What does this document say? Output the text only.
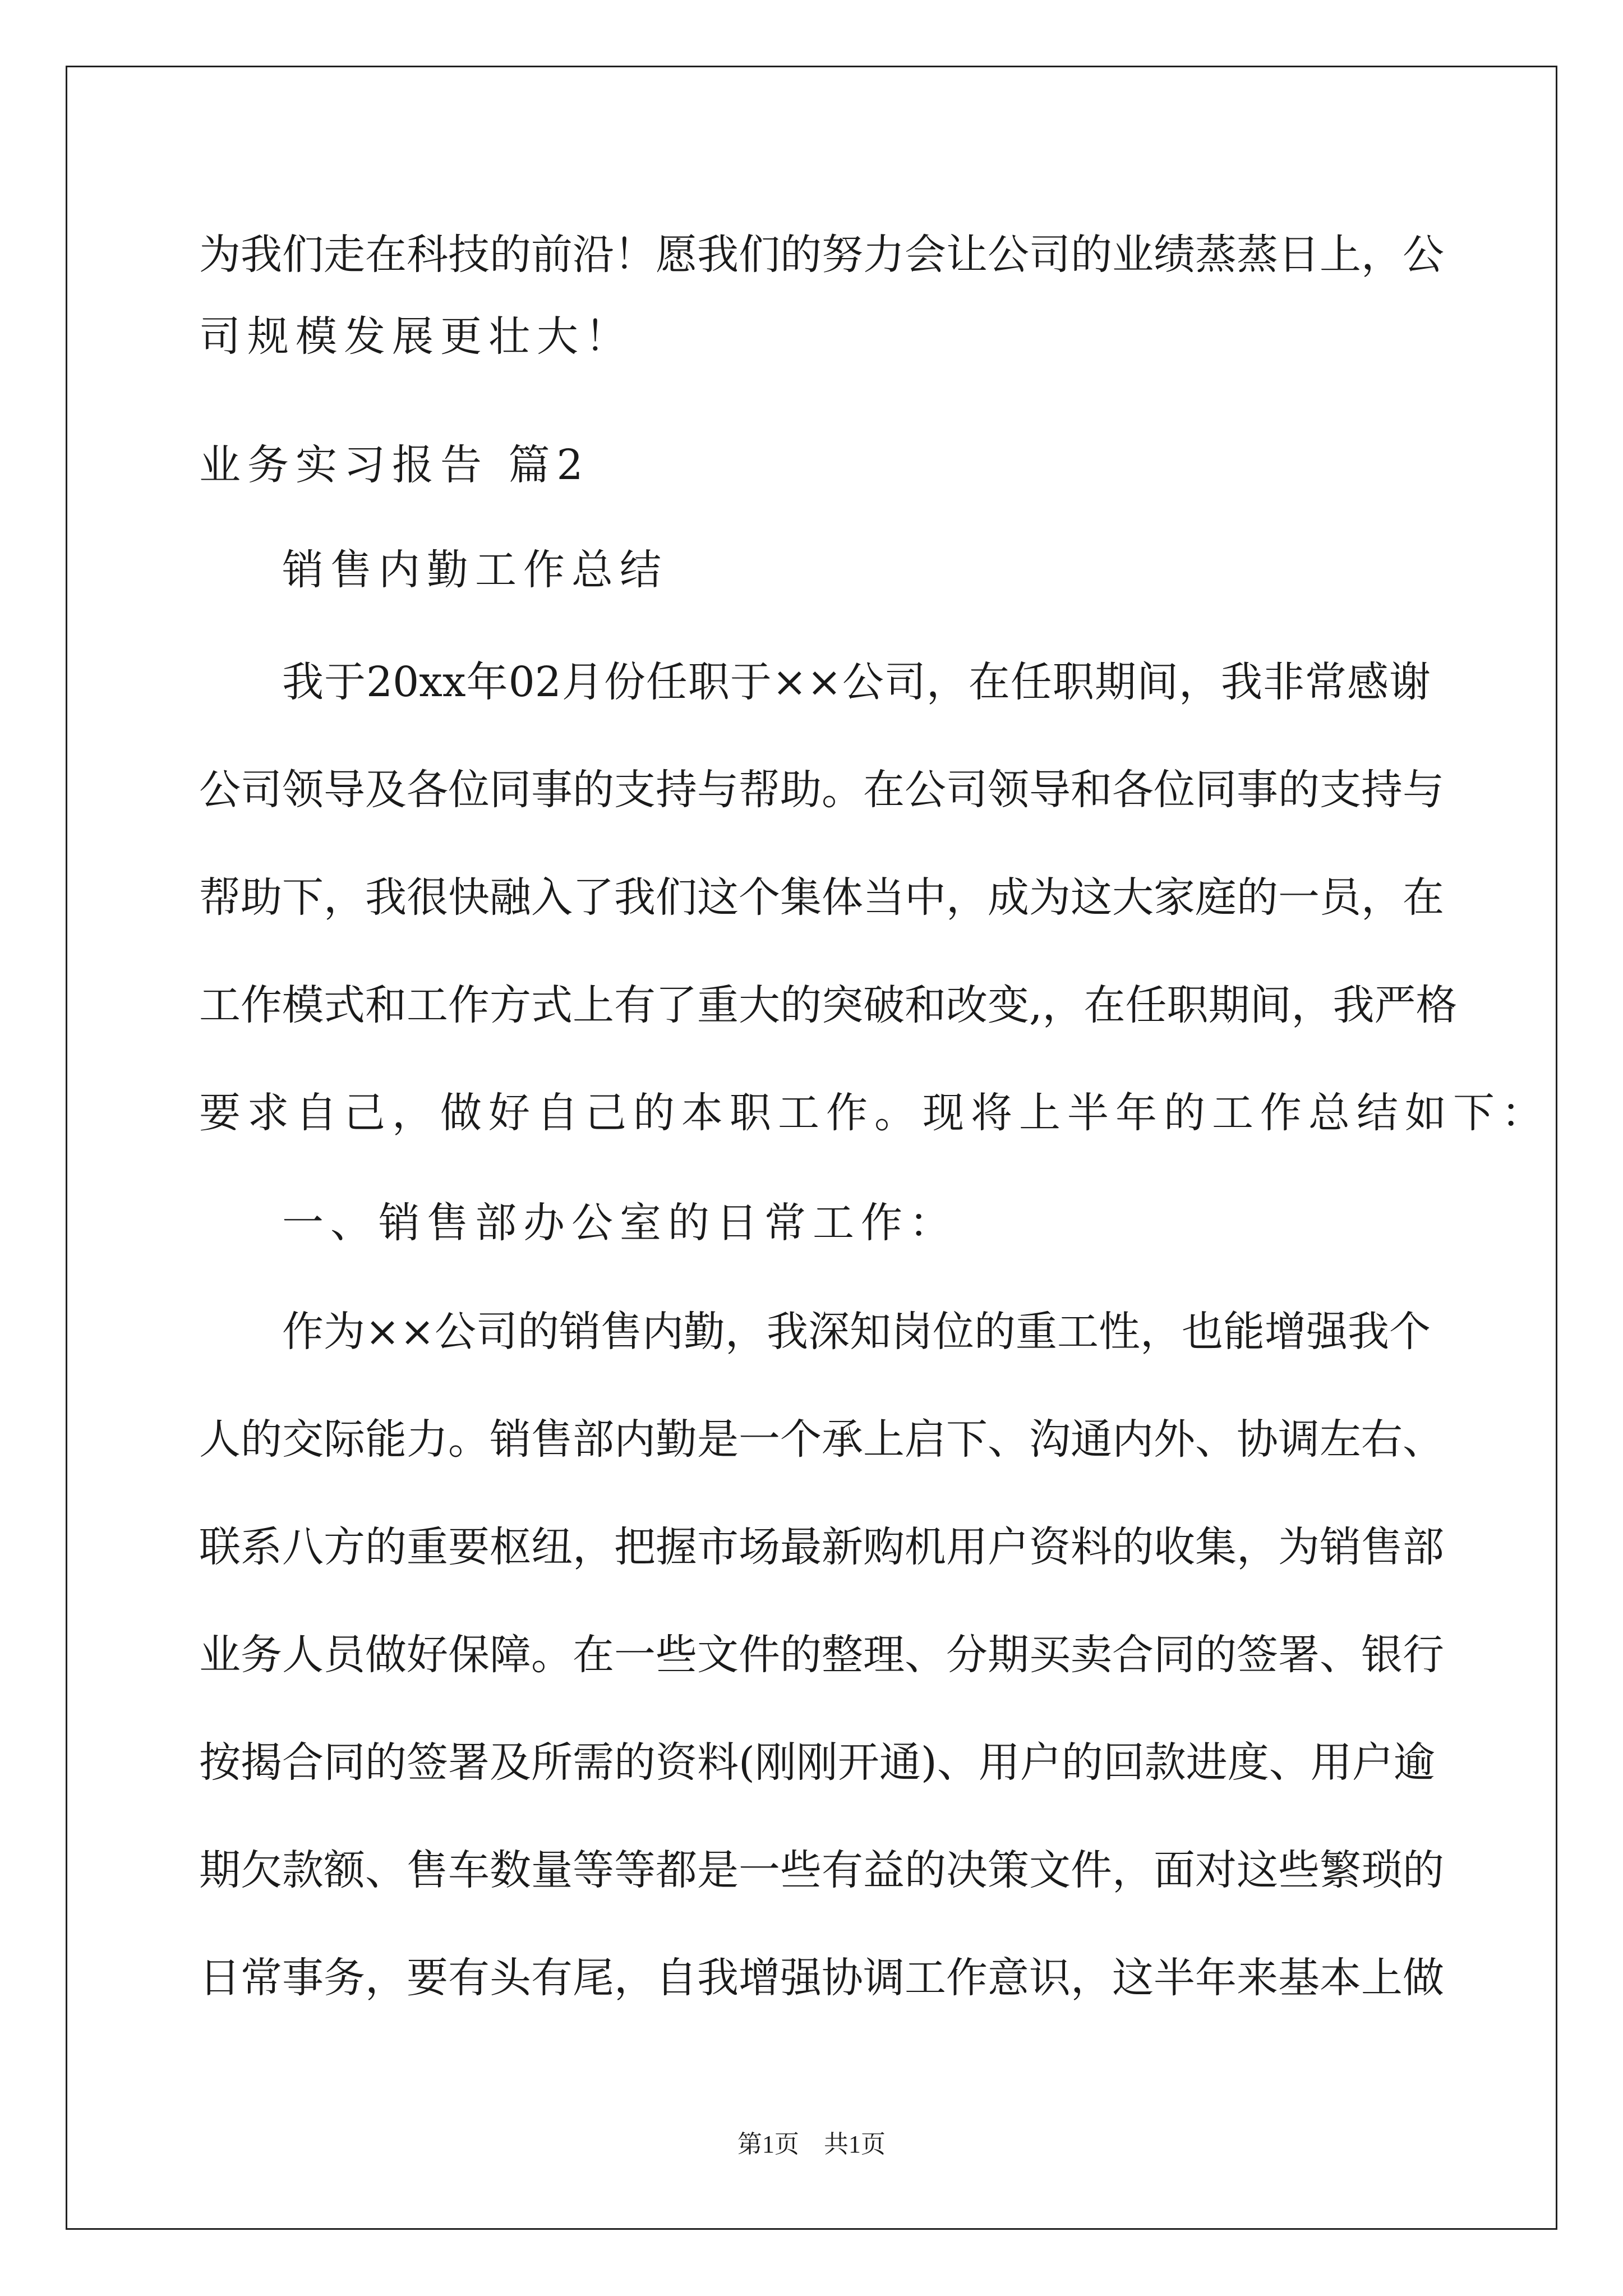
为我们走在科技的前沿！愿我们的努力会让公司的业绩蒸蒸日上，公
司规模发展更壮大！
业务实习报告 篇2
销售内勤工作总结
我于20xx年02月份任职于××公司，在任职期间，我非常感谢
公司领导及各位同事的支持与帮助。在公司领导和各位同事的支持与
帮助下，我很快融入了我们这个集体当中，成为这大家庭的一员，在
工作模式和工作方式上有了重大的突破和改变,，在任职期间，我严格
要求自己，做好自己的本职工作。现将上半年的工作总结如下：
一、销售部办公室的日常工作：
作为××公司的销售内勤，我深知岗位的重工性，也能增强我个
人的交际能力。销售部内勤是一个承上启下、沟通内外、协调左右、
联系八方的重要枢纽，把握市场最新购机用户资料的收集，为销售部
业务人员做好保障。在一些文件的整理、分期买卖合同的签署、银行
按揭合同的签署及所需的资料(刚刚开通)、用户的回款进度、用户逾
期欠款额、售车数量等等都是一些有益的决策文件，面对这些繁琐的
日常事务，要有头有尾，自我增强协调工作意识，这半年来基本上做
第1页　共1页
